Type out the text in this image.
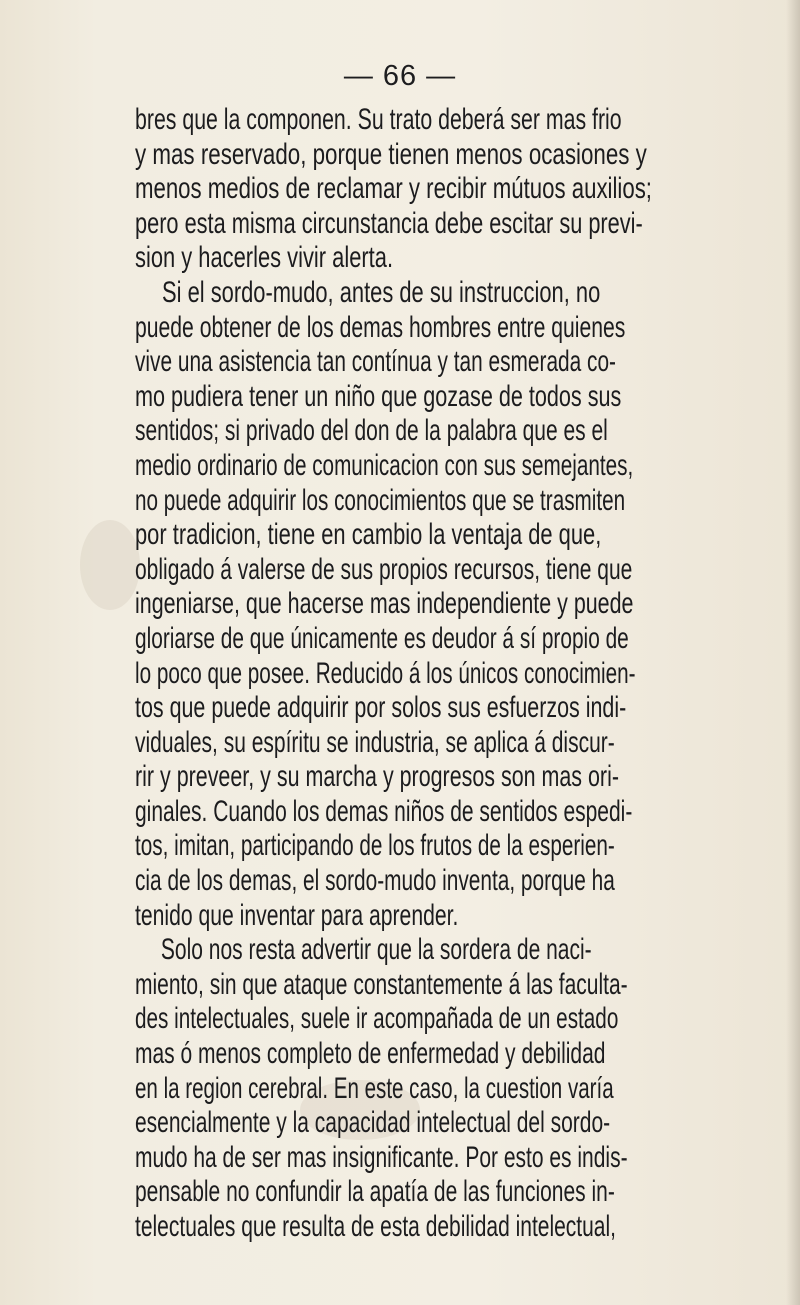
— 66 —
bres que la componen. Su trato deberá ser mas frio
y mas reservado, porque tienen menos ocasiones y
menos medios de reclamar y recibir mútuos auxilios;
pero esta misma circunstancia debe escitar su previ-
sion y hacerles vivir alerta.
Si el sordo-mudo, antes de su instruccion, no
puede obtener de los demas hombres entre quienes
vive una asistencia tan contínua y tan esmerada co-
mo pudiera tener un niño que gozase de todos sus
sentidos; si privado del don de la palabra que es el
medio ordinario de comunicacion con sus semejantes,
no puede adquirir los conocimientos que se trasmiten
por tradicion, tiene en cambio la ventaja de que,
obligado á valerse de sus propios recursos, tiene que
ingeniarse, que hacerse mas independiente y puede
gloriarse de que únicamente es deudor á sí propio de
lo poco que posee. Reducido á los únicos conocimien-
tos que puede adquirir por solos sus esfuerzos indi-
viduales, su espíritu se industria, se aplica á discur-
rir y preveer, y su marcha y progresos son mas ori-
ginales. Cuando los demas niños de sentidos espedi-
tos, imitan, participando de los frutos de la esperien-
cia de los demas, el sordo-mudo inventa, porque ha
tenido que inventar para aprender.
Solo nos resta advertir que la sordera de naci-
miento, sin que ataque constantemente á las faculta-
des intelectuales, suele ir acompañada de un estado
mas ó menos completo de enfermedad y debilidad
en la region cerebral. En este caso, la cuestion varía
esencialmente y la capacidad intelectual del sordo-
mudo ha de ser mas insignificante. Por esto es indis-
pensable no confundir la apatía de las funciones in-
telectuales que resulta de esta debilidad intelectual,
